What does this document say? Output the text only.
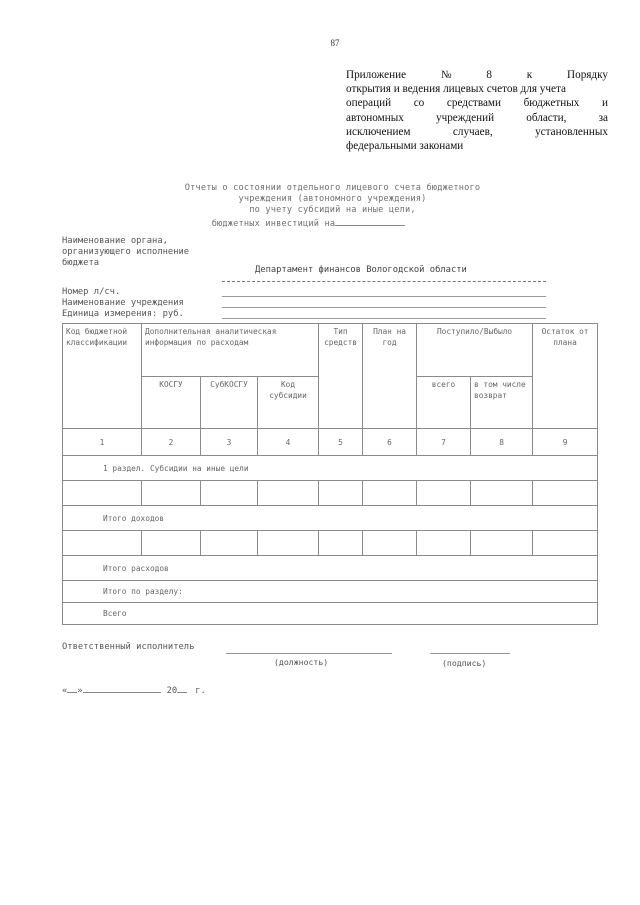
87
Приложение	№	8	к	Порядку
открытия и ведения лицевых счетов для учета
операций со средствами бюджетных и
автономных	учреждений	области,	за
исключением	случаев,	установленных
федеральными законами
Отчеты о состоянии отдельного лицевого счета бюджетного
учреждения (автономного учреждения)
по учету субсидий на иные цели,
бюджетных инвестиций на
Наименование органа,
организующего исполнение
бюджета
Департамент финансов Вологодской области
Номер л/сч.
Наименование учреждения
Единица измерения: руб.
Код бюджетной классификации	Дополнительная аналитическая информация по расходам			Тип средств	План на год	Поступило/Выбыло		Остаток от плана
	КОСГУ	СубКОСГУ	Код субсидии			всего	в том числе возврат	
1	2	3	4	5	6	7	8	9
1 раздел. Субсидии на иные цели								

Итого доходов								

Итого расходов								
Итого по разделу:								
Всего								
Ответственный исполнитель
(должность)	(подпись)
« »	20 г.
